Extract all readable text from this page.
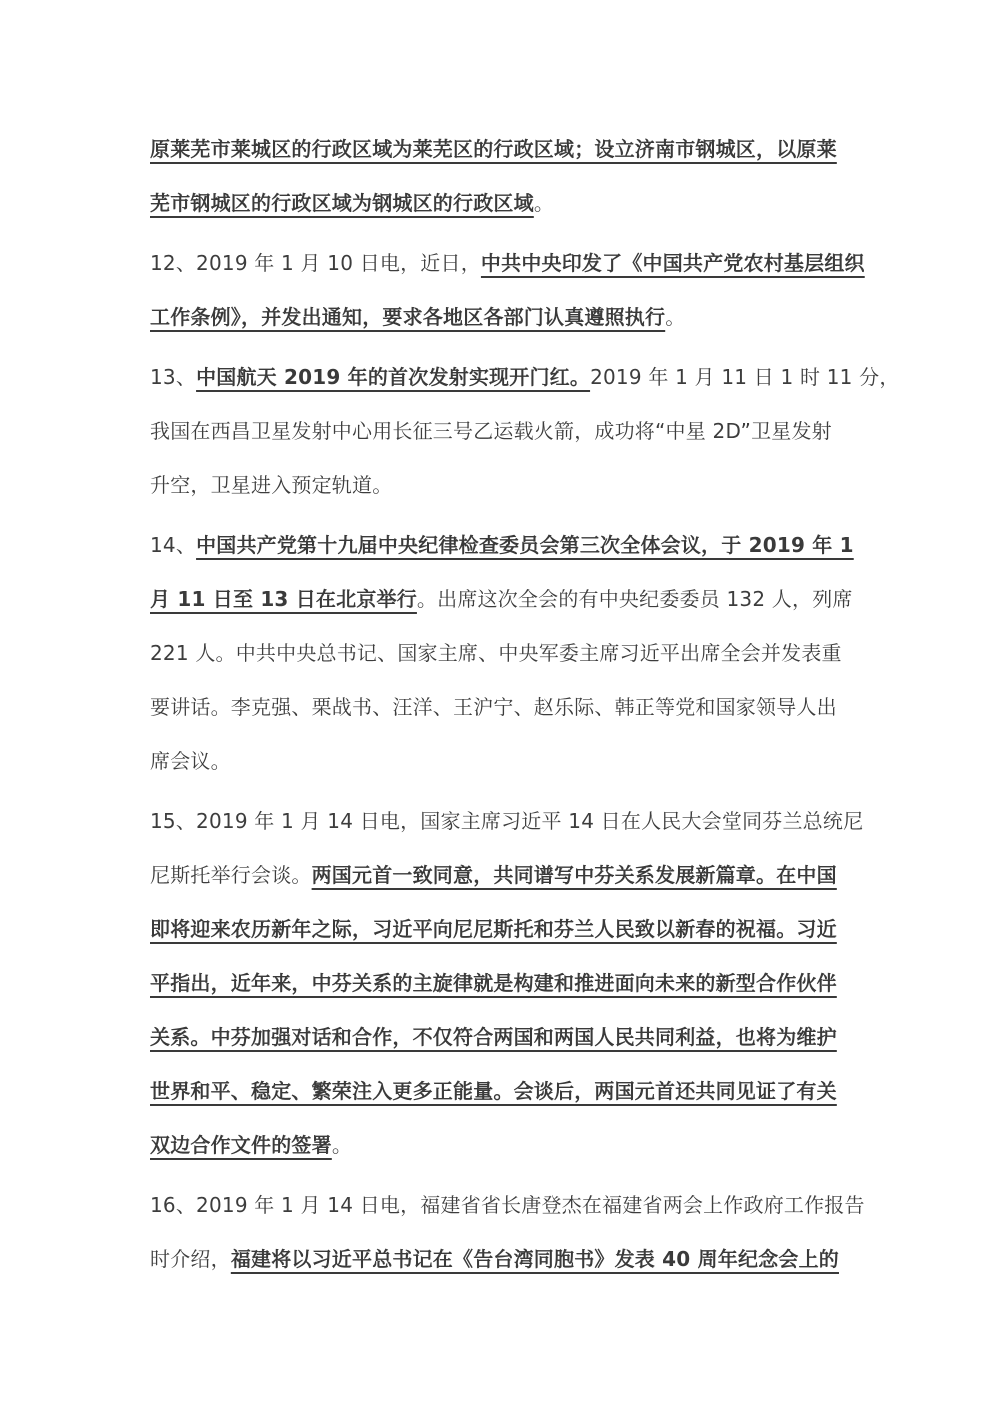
原莱芜市莱城区的行政区域为莱芜区的行政区域；设立济南市钢城区，以原莱
芜市钢城区的行政区域为钢城区的行政区域。
12、2019 年 1 月 10 日电，近日，中共中央印发了《中国共产党农村基层组织
工作条例》，并发出通知，要求各地区各部门认真遵照执行。
13、中国航天 2019 年的首次发射实现开门红。2019 年 1 月 11 日 1 时 11 分，
我国在西昌卫星发射中心用长征三号乙运载火箭，成功将“中星 2D”卫星发射
升空，卫星进入预定轨道。
14、中国共产党第十九届中央纪律检查委员会第三次全体会议，于 2019 年 1
月 11 日至 13 日在北京举行。出席这次全会的有中央纪委委员 132 人，列席
221 人。中共中央总书记、国家主席、中央军委主席习近平出席全会并发表重
要讲话。李克强、栗战书、汪洋、王沪宁、赵乐际、韩正等党和国家领导人出
席会议。
15、2019 年 1 月 14 日电，国家主席习近平 14 日在人民大会堂同芬兰总统尼
尼斯托举行会谈。两国元首一致同意，共同谱写中芬关系发展新篇章。在中国
即将迎来农历新年之际，习近平向尼尼斯托和芬兰人民致以新春的祝福。习近
平指出，近年来，中芬关系的主旋律就是构建和推进面向未来的新型合作伙伴
关系。中芬加强对话和合作，不仅符合两国和两国人民共同利益，也将为维护
世界和平、稳定、繁荣注入更多正能量。会谈后，两国元首还共同见证了有关
双边合作文件的签署。
16、2019 年 1 月 14 日电，福建省省长唐登杰在福建省两会上作政府工作报告
时介绍，福建将以习近平总书记在《告台湾同胞书》发表 40 周年纪念会上的
